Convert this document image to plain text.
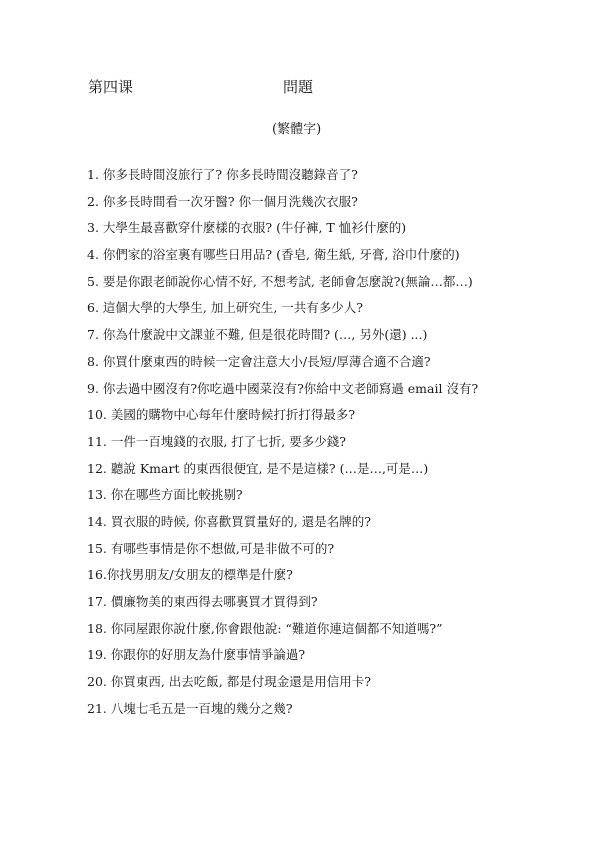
第四课	問題
(繁體字)
1. 你多長時間沒旅行了? 你多長時間沒聽錄音了?
2. 你多長時間看一次牙醫? 你一個月洗幾次衣服?
3. 大學生最喜歡穿什麼樣的衣服? (牛仔褲, T 恤衫什麼的)
4. 你們家的浴室裏有哪些日用品? (香皂, 衛生紙, 牙膏, 浴巾什麼的)
5. 要是你跟老師說你心情不好, 不想考試, 老師會怎麼說?(無論…都…)
6. 這個大學的大學生, 加上研究生, 一共有多少人?
7. 你為什麼說中文課並不難, 但是很花時間? (…, 另外(還) ...)
8. 你買什麼東西的時候一定會注意大小/長短/厚薄合適不合適?
9. 你去過中國沒有?你吃過中國菜沒有?你給中文老師寫過 email 沒有?
10. 美國的購物中心每年什麼時候打折打得最多?
11. 一件一百塊錢的衣服, 打了七折, 要多少錢?
12. 聽說 Kmart 的東西很便宜, 是不是這樣? (…是…,可是…)
13. 你在哪些方面比較挑剔?
14. 買衣服的時候, 你喜歡買質量好的, 還是名牌的?
15. 有哪些事情是你不想做,可是非做不可的?
16.你找男朋友/女朋友的標準是什麼?
17. 價廉物美的東西得去哪裏買才買得到?
18. 你同屋跟你說什麼,你會跟他說: “難道你連這個都不知道嗎?”
19. 你跟你的好朋友為什麼事情爭論過?
20. 你買東西, 出去吃飯, 都是付現金還是用信用卡?
21. 八塊七毛五是一百塊的幾分之幾?
